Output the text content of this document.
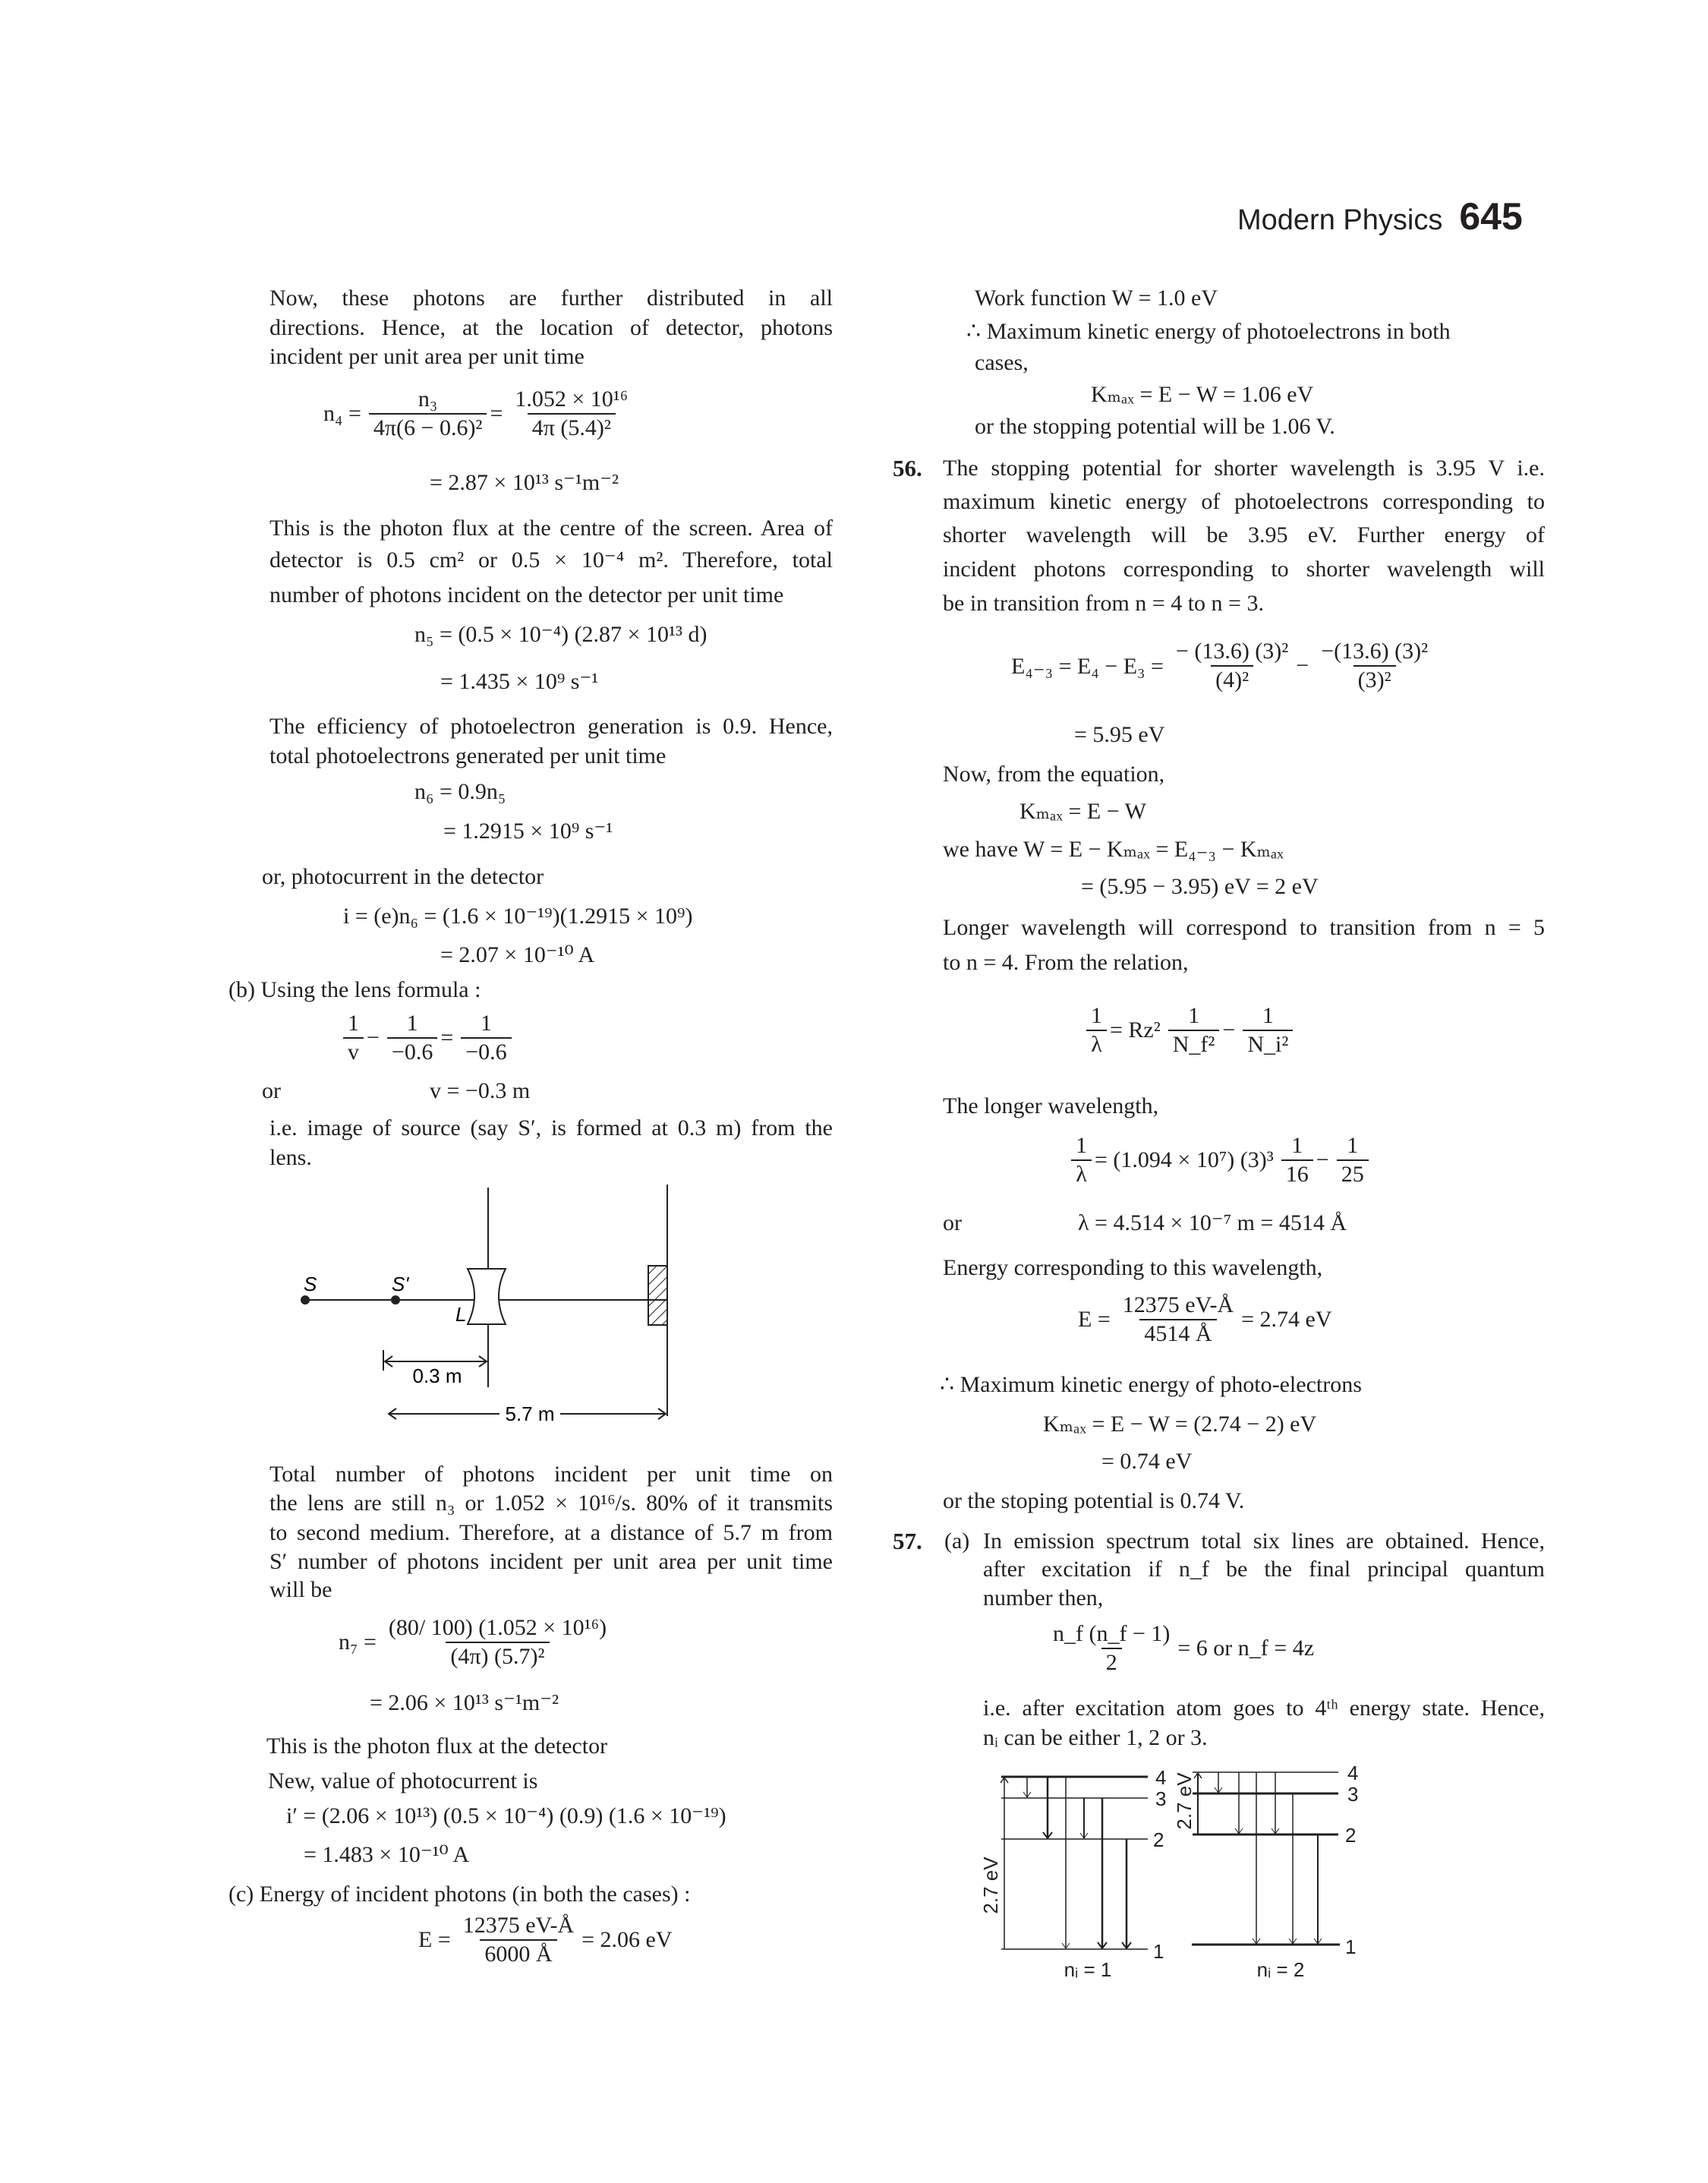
Modern Physics 645
Now, these photons are further distributed in all
directions. Hence, at the location of detector, photons
incident per unit area per unit time
$n_4 = \frac{\text{n₃}}{\text{4π(6 − 0.6)²}} = \frac{\text{1.052 × 10¹⁶}}{\text{4π (5.4)²}}$
= 2.87 × 10¹³ s⁻¹m⁻²
This is the photon flux at the centre of the screen. Area of
detector is 0.5 cm² or 0.5 × 10⁻⁴ m². Therefore, total
number of photons incident on the detector per unit time
n₅ = (0.5 × 10⁻⁴) (2.87 × 10¹³ d)
= 1.435 × 10⁹ s⁻¹
The efficiency of photoelectron generation is 0.9. Hence,
total photoelectrons generated per unit time
n₆ = 0.9n₅
= 1.2915 × 10⁹ s⁻¹
or, photocurrent in the detector
i = (e)n₆ = (1.6 × 10⁻¹⁹)(1.2915 × 10⁹)
= 2.07 × 10⁻¹⁰ A
(b) Using the lens formula :
$\frac{1}{v} - \frac{1}{-0.6} = \frac{1}{-0.6}$
or	v = −0.3 m
i.e. image of source (say S′, is formed at 0.3 m) from the
lens.
S	S'
L
0.3 m
5.7 m
4
3
2
1
2.7 eV
nᵢ = 1
4
3
2
1
2.7 eV
nᵢ = 2
Total number of photons incident per unit time on
the lens are still n₃ or 1.052 × 10¹⁶/s. 80% of it transmits
to second medium. Therefore, at a distance of 5.7 m from
S′ number of photons incident per unit area per unit time
will be
$n_7 = \frac{\text{(80/ 100) (1.052 × 10¹⁶)}}{\text{(4π) (5.7)²}}$
= 2.06 × 10¹³ s⁻¹m⁻²
This is the photon flux at the detector
New, value of photocurrent is
i′ = (2.06 × 10¹³) (0.5 × 10⁻⁴) (0.9) (1.6 × 10⁻¹⁹)
= 1.483 × 10⁻¹⁰ A
(c) Energy of incident photons (in both the cases) :
$E = \frac{12375 eV-Å}{6000 Å} = 2.06$ eV
Work function W = 1.0 eV
∴ Maximum kinetic energy of photoelectrons in both
cases,
Kₘₐₓ = E − W = 1.06 eV
or the stopping potential will be 1.06 V.
56. The stopping potential for shorter wavelength is 3.95 V i.e.
maximum kinetic energy of photoelectrons corresponding to
shorter wavelength will be 3.95 eV. Further energy of
incident photons corresponding to shorter wavelength will
be in transition from n = 4 to n = 3.
$E_{4-3} = E_4 - E_3 = \frac{\text{− (13.6) (3)²}}{\text{(4)²}} - \frac{\text{−(13.6) (3)²}}{\text{(3)²}}$
= 5.95 eV
Now, from the equation,
Kₘₐₓ = E − W
we have W = E − Kₘₐₓ = E₄₋₃ − Kₘₐₓ
= (5.95 − 3.95) eV = 2 eV
Longer wavelength will correspond to transition from n = 5
to n = 4. From the relation,
$\frac{1}{\lambda} = Rz^2 \frac{1}{\text{N\_f²}} - \frac{1}{\text{N\_i²}}$
The longer wavelength,
$\frac{1}{\lambda} = (1.094 \times 10^7)$ $(3)^3 \frac{1}{16} - \frac{1}{25}$
or	λ = 4.514 × 10⁻⁷ m = 4514 Å
Energy corresponding to this wavelength,
$E = \frac{12375 eV-Å}{4514 Å} = 2.74$ eV
∴ Maximum kinetic energy of photo-electrons
Kₘₐₓ = E − W = (2.74 − 2) eV
= 0.74 eV
or the stoping potential is 0.74 V.
57. (a) In emission spectrum total six lines are obtained. Hence,
after excitation if n_f be the final principal quantum
number then,
$\frac{n\_f (n\_f - 1)}{2} = 6$ or n_f = 4z
i.e. after excitation atom goes to 4ᵗʰ energy state. Hence,
nᵢ can be either 1, 2 or 3.
